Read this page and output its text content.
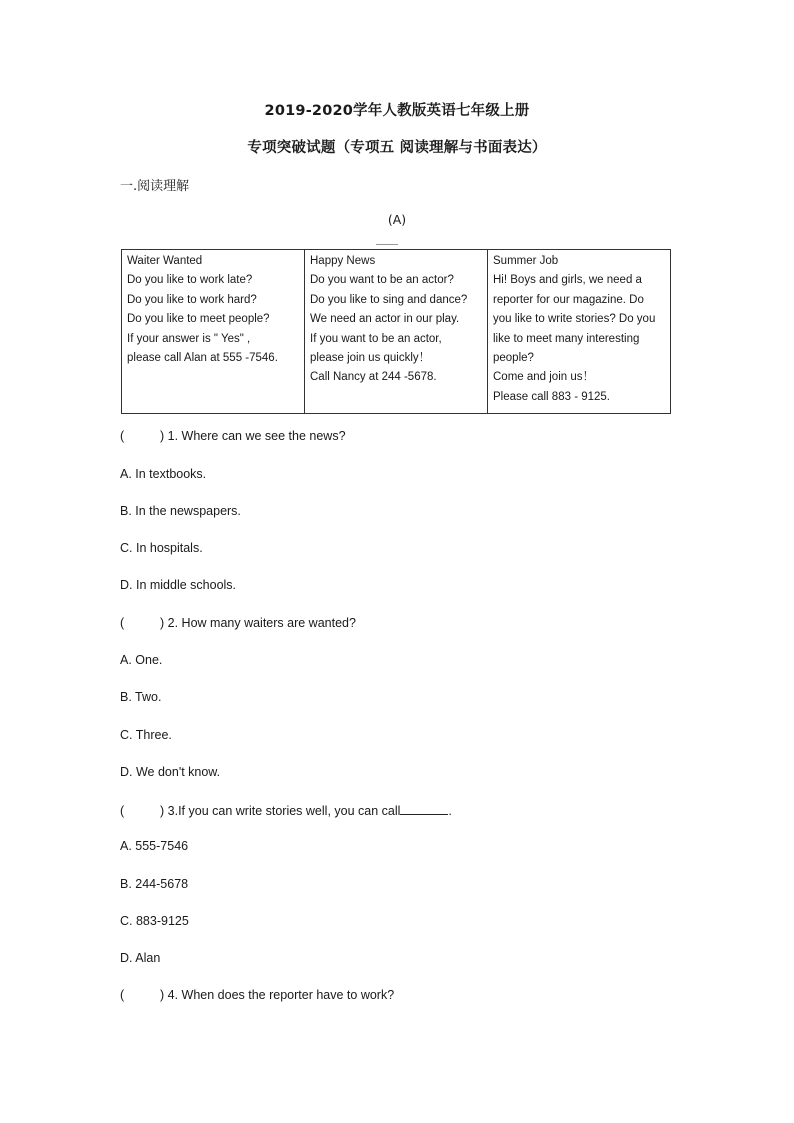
2019-2020学年人教版英语七年级上册
专项突破试题（专项五 阅读理解与书面表达）
一.阅读理解
(A)
Waiter Wanted
Do you like to work late?
Do you like to work hard?
Do you like to meet people?
If your answer is " Yes" ,
please call Alan at 555 -7546.

Happy News
Do you want to be an actor?
Do you like to sing and dance?
We need an actor in our play.
If you want to be an actor,
please join us quickly！
Call Nancy at 244 -5678.

Summer Job
Hi! Boys and girls, we need a
reporter for our magazine. Do
you like to write stories? Do you
like to meet many interesting
people?
Come and join us！
Please call 883 - 9125.
(	) 1. Where can we see the news?
A. In textbooks.
B. In the newspapers.
C. In hospitals.
D. In middle schools.
(	) 2. How many waiters are wanted?
A. One.
B. Two.
C. Three.
D. We don't know.
(	) 3.If you can write stories well, you can call	.
A. 555-7546
B. 244-5678
C. 883-9125
D. Alan
(	) 4. When does the reporter have to work?
